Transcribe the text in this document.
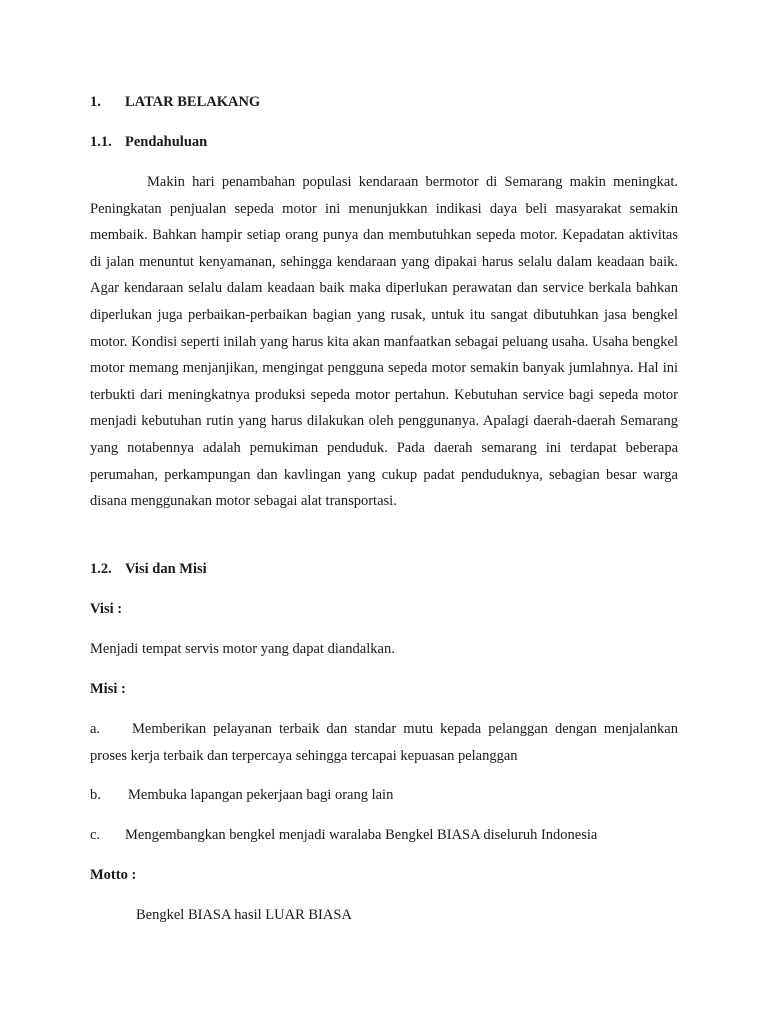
1. LATAR BELAKANG
1.1. Pendahuluan
Makin hari penambahan populasi kendaraan bermotor di Semarang makin meningkat. Peningkatan penjualan sepeda motor ini menunjukkan indikasi daya beli masyarakat semakin membaik. Bahkan hampir setiap orang punya dan membutuhkan sepeda motor. Kepadatan aktivitas di jalan menuntut kenyamanan, sehingga kendaraan yang dipakai harus selalu dalam keadaan baik. Agar kendaraan selalu dalam keadaan baik maka diperlukan perawatan dan service berkala bahkan diperlukan juga perbaikan-perbaikan bagian yang rusak, untuk itu sangat dibutuhkan jasa bengkel motor. Kondisi seperti inilah yang harus kita akan manfaatkan sebagai peluang usaha. Usaha bengkel motor memang menjanjikan, mengingat pengguna sepeda motor semakin banyak jumlahnya. Hal ini terbukti dari meningkatnya produksi sepeda motor pertahun. Kebutuhan service bagi sepeda motor menjadi kebutuhan rutin yang harus dilakukan oleh penggunanya. Apalagi daerah-daerah Semarang yang notabennya adalah pemukiman penduduk. Pada daerah semarang ini terdapat beberapa perumahan, perkampungan dan kavlingan yang cukup padat penduduknya, sebagian besar warga disana menggunakan motor sebagai alat transportasi.
1.2. Visi dan Misi
Visi :
Menjadi tempat servis motor yang dapat diandalkan.
Misi :
a. Memberikan pelayanan terbaik dan standar mutu kepada pelanggan dengan menjalankan proses kerja terbaik dan terpercaya sehingga tercapai kepuasan pelanggan
b. Membuka lapangan pekerjaan bagi orang lain
c. Mengembangkan bengkel menjadi waralaba Bengkel BIASA diseluruh Indonesia
Motto :
Bengkel BIASA hasil LUAR BIASA
